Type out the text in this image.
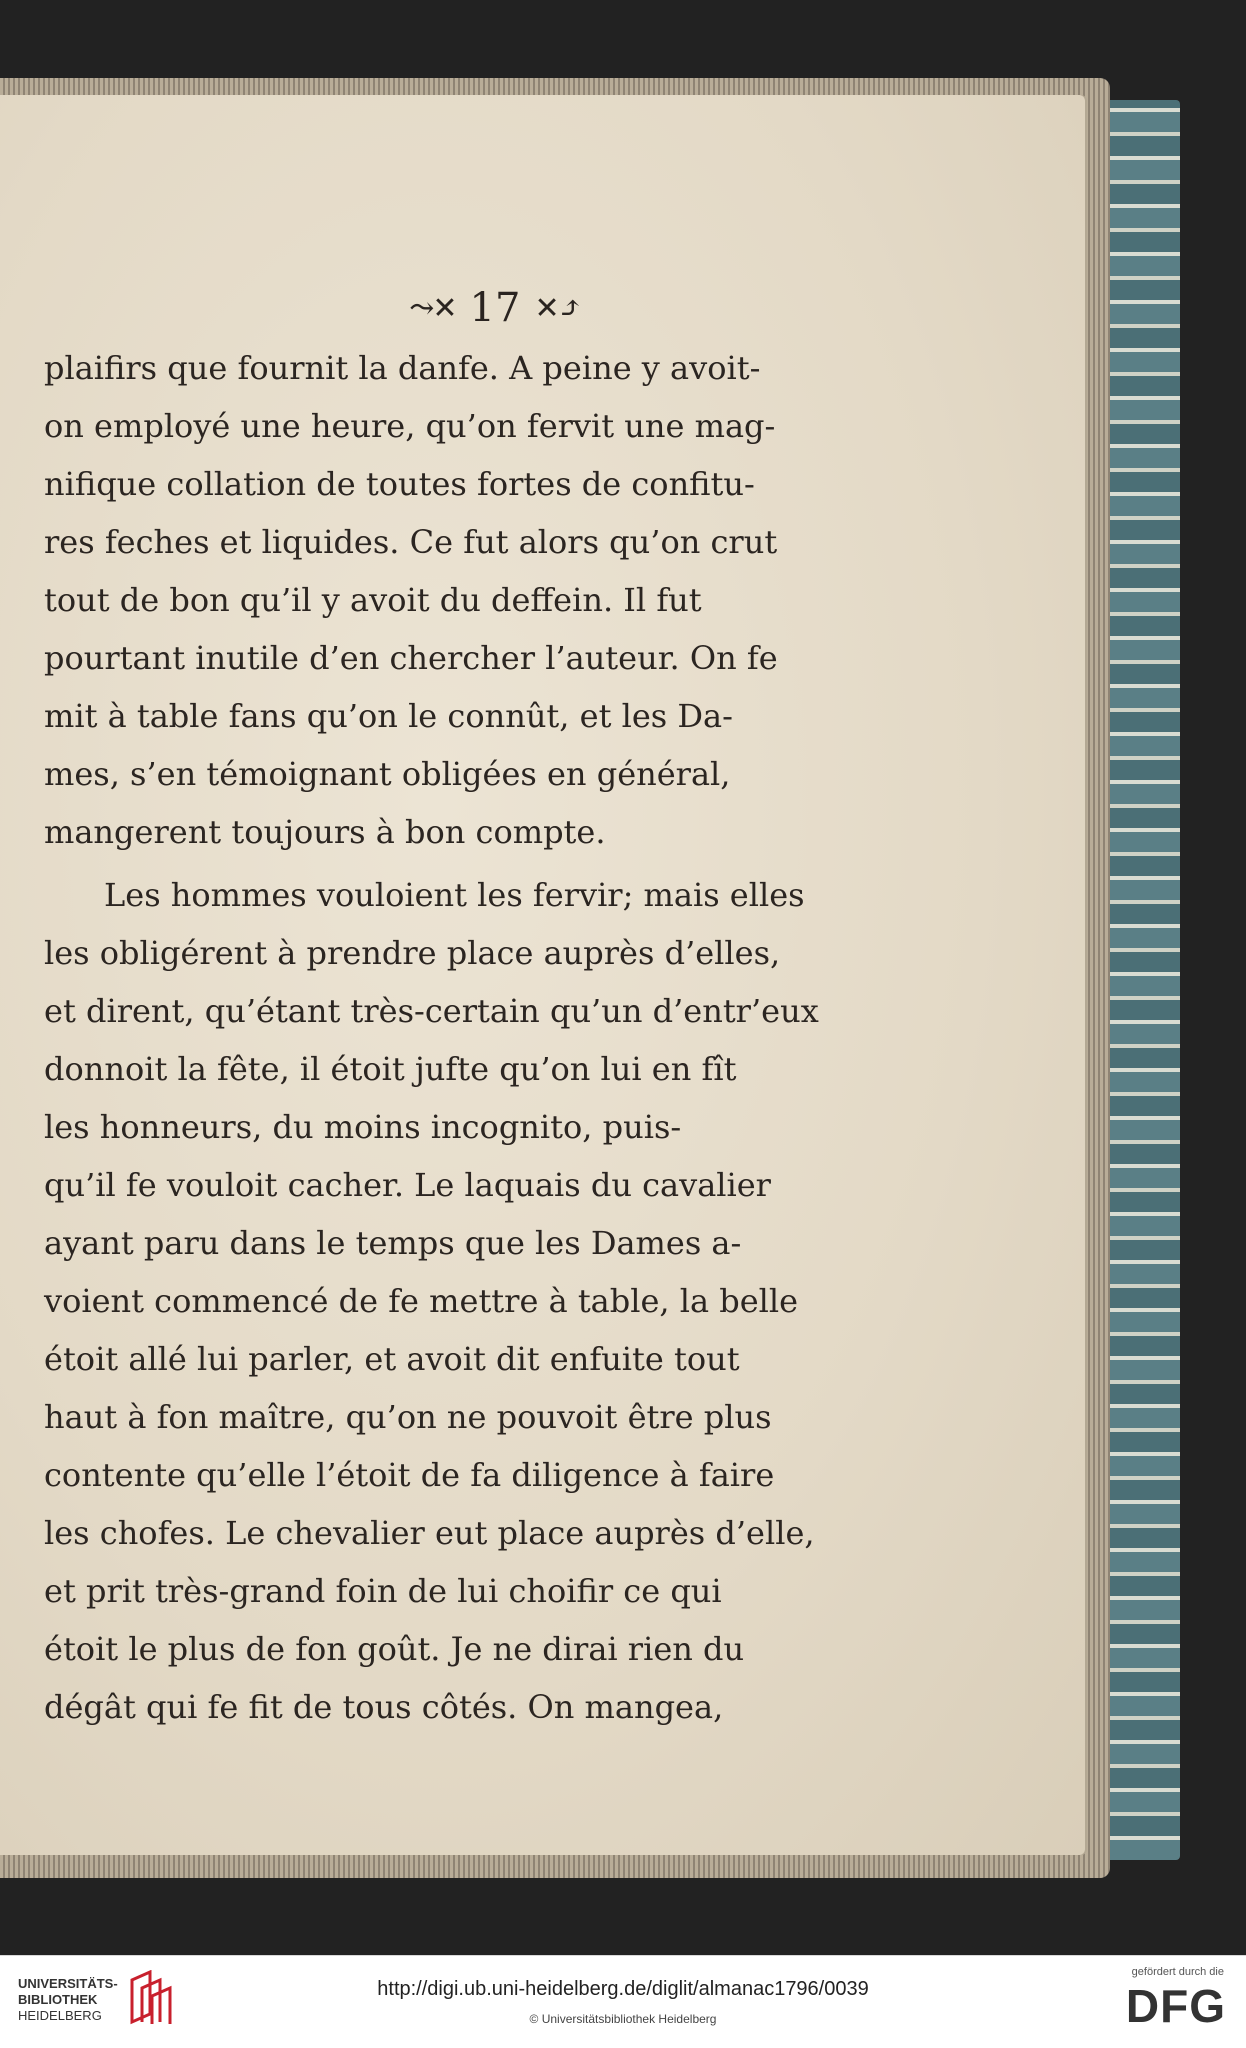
⤳✕ 17 ✕⤴
plaifirs que fournit la danfe. A peine y avoit-
on employé une heure, qu’on fervit une mag-
nifique collation de toutes fortes de confitu-
res feches et liquides. Ce fut alors qu’on crut
tout de bon qu’il y avoit du deffein. Il fut
pourtant inutile d’en chercher l’auteur. On fe
mit à table fans qu’on le connût, et les Da-
mes, s’en témoignant obligées en général,
mangerent toujours à bon compte.
Les hommes vouloient les fervir; mais elles
les obligérent à prendre place auprès d’elles,
et dirent, qu’étant très-certain qu’un d’entr’eux
donnoit la fête, il étoit jufte qu’on lui en fît
les honneurs, du moins incognito, puis-
qu’il fe vouloit cacher. Le laquais du cavalier
ayant paru dans le temps que les Dames a-
voient commencé de fe mettre à table, la belle
étoit allé lui parler, et avoit dit enfuite tout
haut à fon maître, qu’on ne pouvoit être plus
contente qu’elle l’étoit de fa diligence à faire
les chofes. Le chevalier eut place auprès d’elle,
et prit très-grand foin de lui choifir ce qui
étoit le plus de fon goût. Je ne dirai rien du
dégât qui fe fit de tous côtés. On mangea,
UNIVERSITÄTS-
BIBLIOTHEK
HEIDELBERG
http://digi.ub.uni-heidelberg.de/diglit/almanac1796/0039
© Universitätsbibliothek Heidelberg
gefördert durch die
DFG
